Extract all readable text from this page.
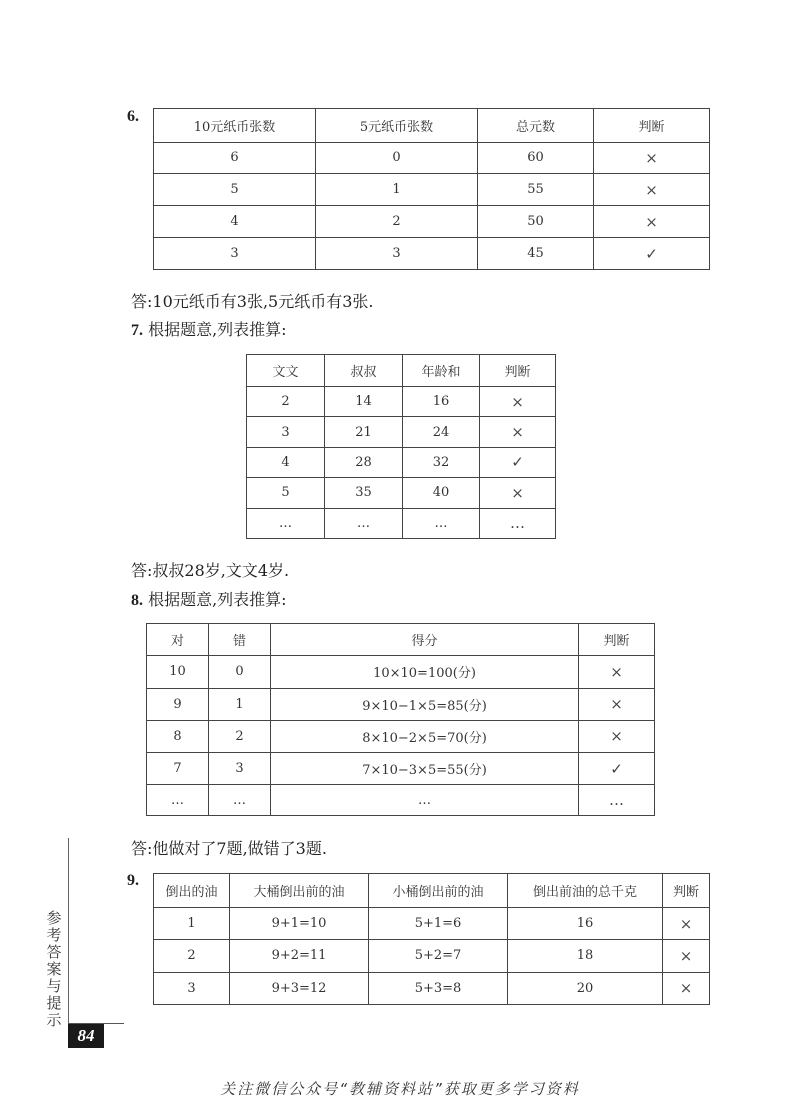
6.
10元纸币张数	5元纸币张数	总元数	判断
6	0	60	×
5	1	55	×
4	2	50	×
3	3	45	✓
答:10元纸币有3张,5元纸币有3张.
7. 根据题意,列表推算:
文文	叔叔	年龄和	判断
2	14	16	×
3	21	24	×
4	28	32	✓
5	35	40	×
…	…	…	…
答:叔叔28岁,文文4岁.
8. 根据题意,列表推算:
对	错	得分	判断
10	0	10×10=100(分)	×
9	1	9×10−1×5=85(分)	×
8	2	8×10−2×5=70(分)	×
7	3	7×10−3×5=55(分)	✓
…	…	…	…
答:他做对了7题,做错了3题.
9.
倒出的油	大桶倒出前的油	小桶倒出前的油	倒出前油的总千克	判断
1	9+1=10	5+1=6	16	×
2	9+2=11	5+2=7	18	×
3	9+3=12	5+3=8	20	×
参考答案与提示
84
关注微信公众号“教辅资料站”获取更多学习资料
